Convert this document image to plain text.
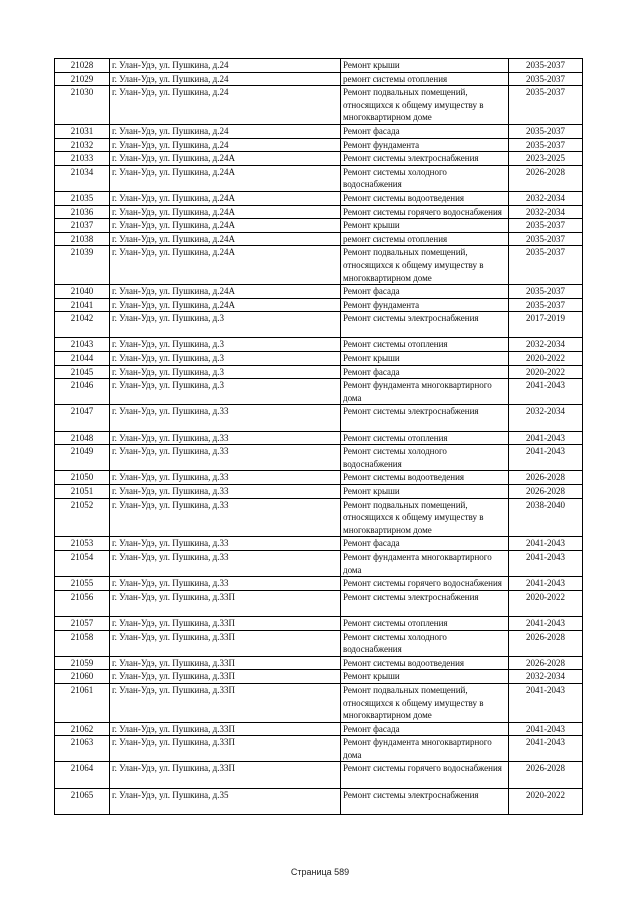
21028	г. Улан-Удэ, ул. Пушкина, д.24	Ремонт крыши	2035-2037
21029	г. Улан-Удэ, ул. Пушкина, д.24	ремонт системы отопления	2035-2037
21030	г. Улан-Удэ, ул. Пушкина, д.24	Ремонт подвальных помещений, относящихся к общему имуществу в многоквартирном доме	2035-2037
21031	г. Улан-Удэ, ул. Пушкина, д.24	Ремонт фасада	2035-2037
21032	г. Улан-Удэ, ул. Пушкина, д.24	Ремонт фундамента	2035-2037
21033	г. Улан-Удэ, ул. Пушкина, д.24А	Ремонт системы электроснабжения	2023-2025
21034	г. Улан-Удэ, ул. Пушкина, д.24А	Ремонт системы холодного водоснабжения	2026-2028
21035	г. Улан-Удэ, ул. Пушкина, д.24А	Ремонт системы водоотведения	2032-2034
21036	г. Улан-Удэ, ул. Пушкина, д.24А	Ремонт системы горячего водоснабжения	2032-2034
21037	г. Улан-Удэ, ул. Пушкина, д.24А	Ремонт крыши	2035-2037
21038	г. Улан-Удэ, ул. Пушкина, д.24А	ремонт системы отопления	2035-2037
21039	г. Улан-Удэ, ул. Пушкина, д.24А	Ремонт подвальных помещений, относящихся к общему имуществу в многоквартирном доме	2035-2037
21040	г. Улан-Удэ, ул. Пушкина, д.24А	Ремонт фасада	2035-2037
21041	г. Улан-Удэ, ул. Пушкина, д.24А	Ремонт фундамента	2035-2037
21042	г. Улан-Удэ, ул. Пушкина, д.3	Ремонт системы электроснабжения	2017-2019
21043	г. Улан-Удэ, ул. Пушкина, д.3	Ремонт системы отопления	2032-2034
21044	г. Улан-Удэ, ул. Пушкина, д.3	Ремонт крыши	2020-2022
21045	г. Улан-Удэ, ул. Пушкина, д.3	Ремонт фасада	2020-2022
21046	г. Улан-Удэ, ул. Пушкина, д.3	Ремонт фундамента многоквартирного дома	2041-2043
21047	г. Улан-Удэ, ул. Пушкина, д.33	Ремонт системы электроснабжения	2032-2034
21048	г. Улан-Удэ, ул. Пушкина, д.33	Ремонт системы отопления	2041-2043
21049	г. Улан-Удэ, ул. Пушкина, д.33	Ремонт системы холодного водоснабжения	2041-2043
21050	г. Улан-Удэ, ул. Пушкина, д.33	Ремонт системы водоотведения	2026-2028
21051	г. Улан-Удэ, ул. Пушкина, д.33	Ремонт крыши	2026-2028
21052	г. Улан-Удэ, ул. Пушкина, д.33	Ремонт подвальных помещений, относящихся к общему имуществу в многоквартирном доме	2038-2040
21053	г. Улан-Удэ, ул. Пушкина, д.33	Ремонт фасада	2041-2043
21054	г. Улан-Удэ, ул. Пушкина, д.33	Ремонт фундамента многоквартирного дома	2041-2043
21055	г. Улан-Удэ, ул. Пушкина, д.33	Ремонт системы горячего водоснабжения	2041-2043
21056	г. Улан-Удэ, ул. Пушкина, д.33П	Ремонт системы электроснабжения	2020-2022
21057	г. Улан-Удэ, ул. Пушкина, д.33П	Ремонт системы отопления	2041-2043
21058	г. Улан-Удэ, ул. Пушкина, д.33П	Ремонт системы холодного водоснабжения	2026-2028
21059	г. Улан-Удэ, ул. Пушкина, д.33П	Ремонт системы водоотведения	2026-2028
21060	г. Улан-Удэ, ул. Пушкина, д.33П	Ремонт крыши	2032-2034
21061	г. Улан-Удэ, ул. Пушкина, д.33П	Ремонт подвальных помещений, относящихся к общему имуществу в многоквартирном доме	2041-2043
21062	г. Улан-Удэ, ул. Пушкина, д.33П	Ремонт фасада	2041-2043
21063	г. Улан-Удэ, ул. Пушкина, д.33П	Ремонт фундамента многоквартирного дома	2041-2043
21064	г. Улан-Удэ, ул. Пушкина, д.33П	Ремонт системы горячего водоснабжения	2026-2028
21065	г. Улан-Удэ, ул. Пушкина, д.35	Ремонт системы электроснабжения	2020-2022
Страница 589
